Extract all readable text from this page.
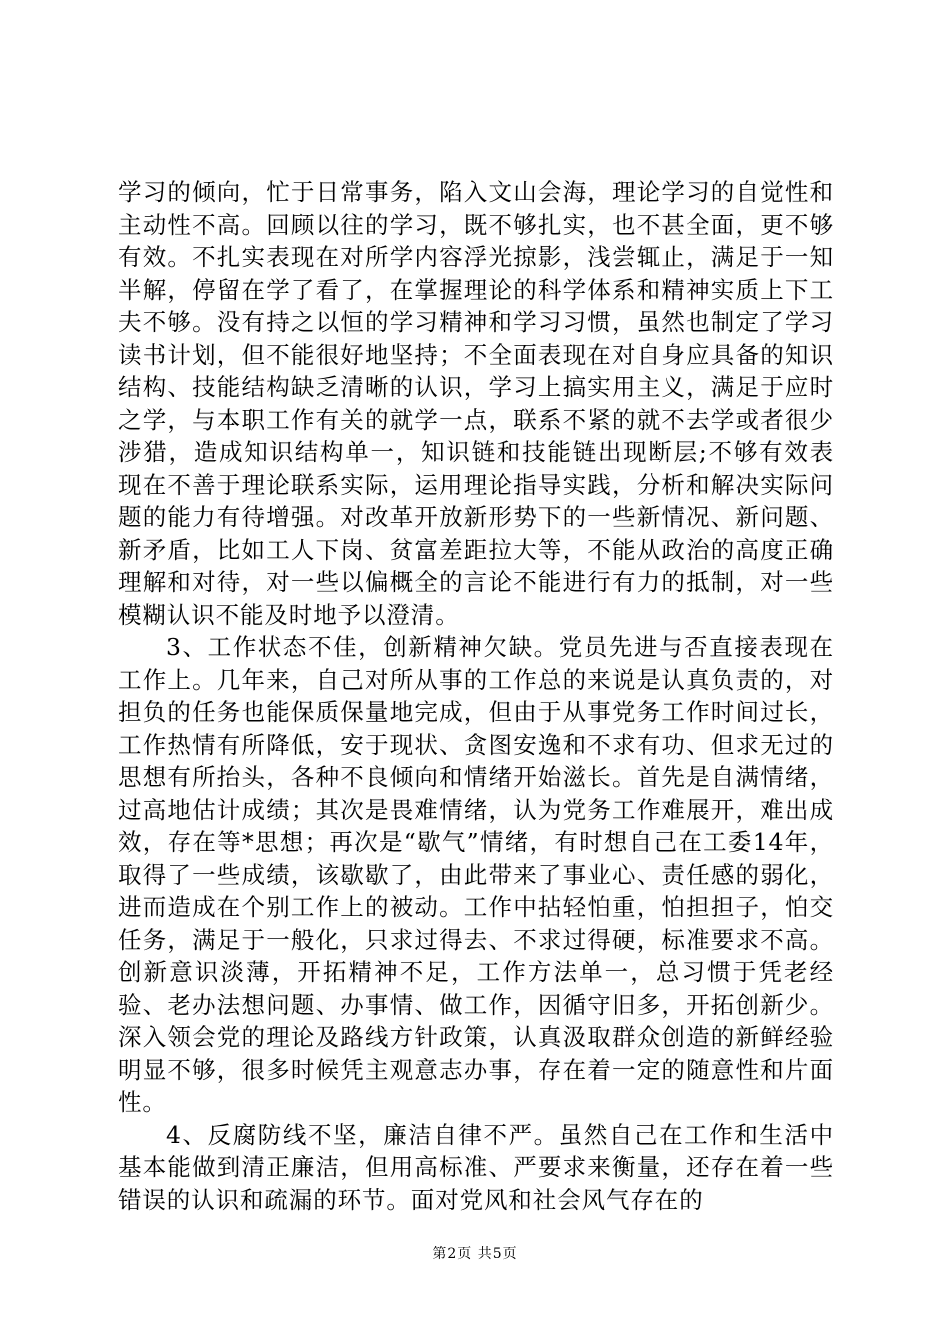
学习的倾向，忙于日常事务，陷入文山会海，理论学习的自觉性和主动性不高。回顾以往的学习，既不够扎实，也不甚全面，更不够有效。不扎实表现在对所学内容浮光掠影，浅尝辄止，满足于一知半解，停留在学了看了，在掌握理论的科学体系和精神实质上下工夫不够。没有持之以恒的学习精神和学习习惯，虽然也制定了学习读书计划，但不能很好地坚持；不全面表现在对自身应具备的知识结构、技能结构缺乏清晰的认识，学习上搞实用主义，满足于应时之学，与本职工作有关的就学一点，联系不紧的就不去学或者很少涉猎，造成知识结构单一，知识链和技能链出现断层;不够有效表现在不善于理论联系实际，运用理论指导实践，分析和解决实际问题的能力有待增强。对改革开放新形势下的一些新情况、新问题、新矛盾，比如工人下岗、贫富差距拉大等，不能从政治的高度正确理解和对待，对一些以偏概全的言论不能进行有力的抵制，对一些模糊认识不能及时地予以澄清。

3、工作状态不佳，创新精神欠缺。党员先进与否直接表现在工作上。几年来，自己对所从事的工作总的来说是认真负责的，对担负的任务也能保质保量地完成，但由于从事党务工作时间过长，工作热情有所降低，安于现状、贪图安逸和不求有功、但求无过的思想有所抬头，各种不良倾向和情绪开始滋长。首先是自满情绪，过高地估计成绩；其次是畏难情绪，认为党务工作难展开，难出成效，存在等*思想；再次是“歇气”情绪，有时想自己在工委14年，取得了一些成绩，该歇歇了，由此带来了事业心、责任感的弱化，进而造成在个别工作上的被动。工作中拈轻怕重，怕担担子，怕交任务，满足于一般化，只求过得去、不求过得硬，标准要求不高。创新意识淡薄，开拓精神不足，工作方法单一，总习惯于凭老经验、老办法想问题、办事情、做工作，因循守旧多，开拓创新少。深入领会党的理论及路线方针政策，认真汲取群众创造的新鲜经验明显不够，很多时候凭主观意志办事，存在着一定的随意性和片面性。

4、反腐防线不坚，廉洁自律不严。虽然自己在工作和生活中基本能做到清正廉洁，但用高标准、严要求来衡量，还存在着一些错误的认识和疏漏的环节。面对党风和社会风气存在的

第2页 共5页
